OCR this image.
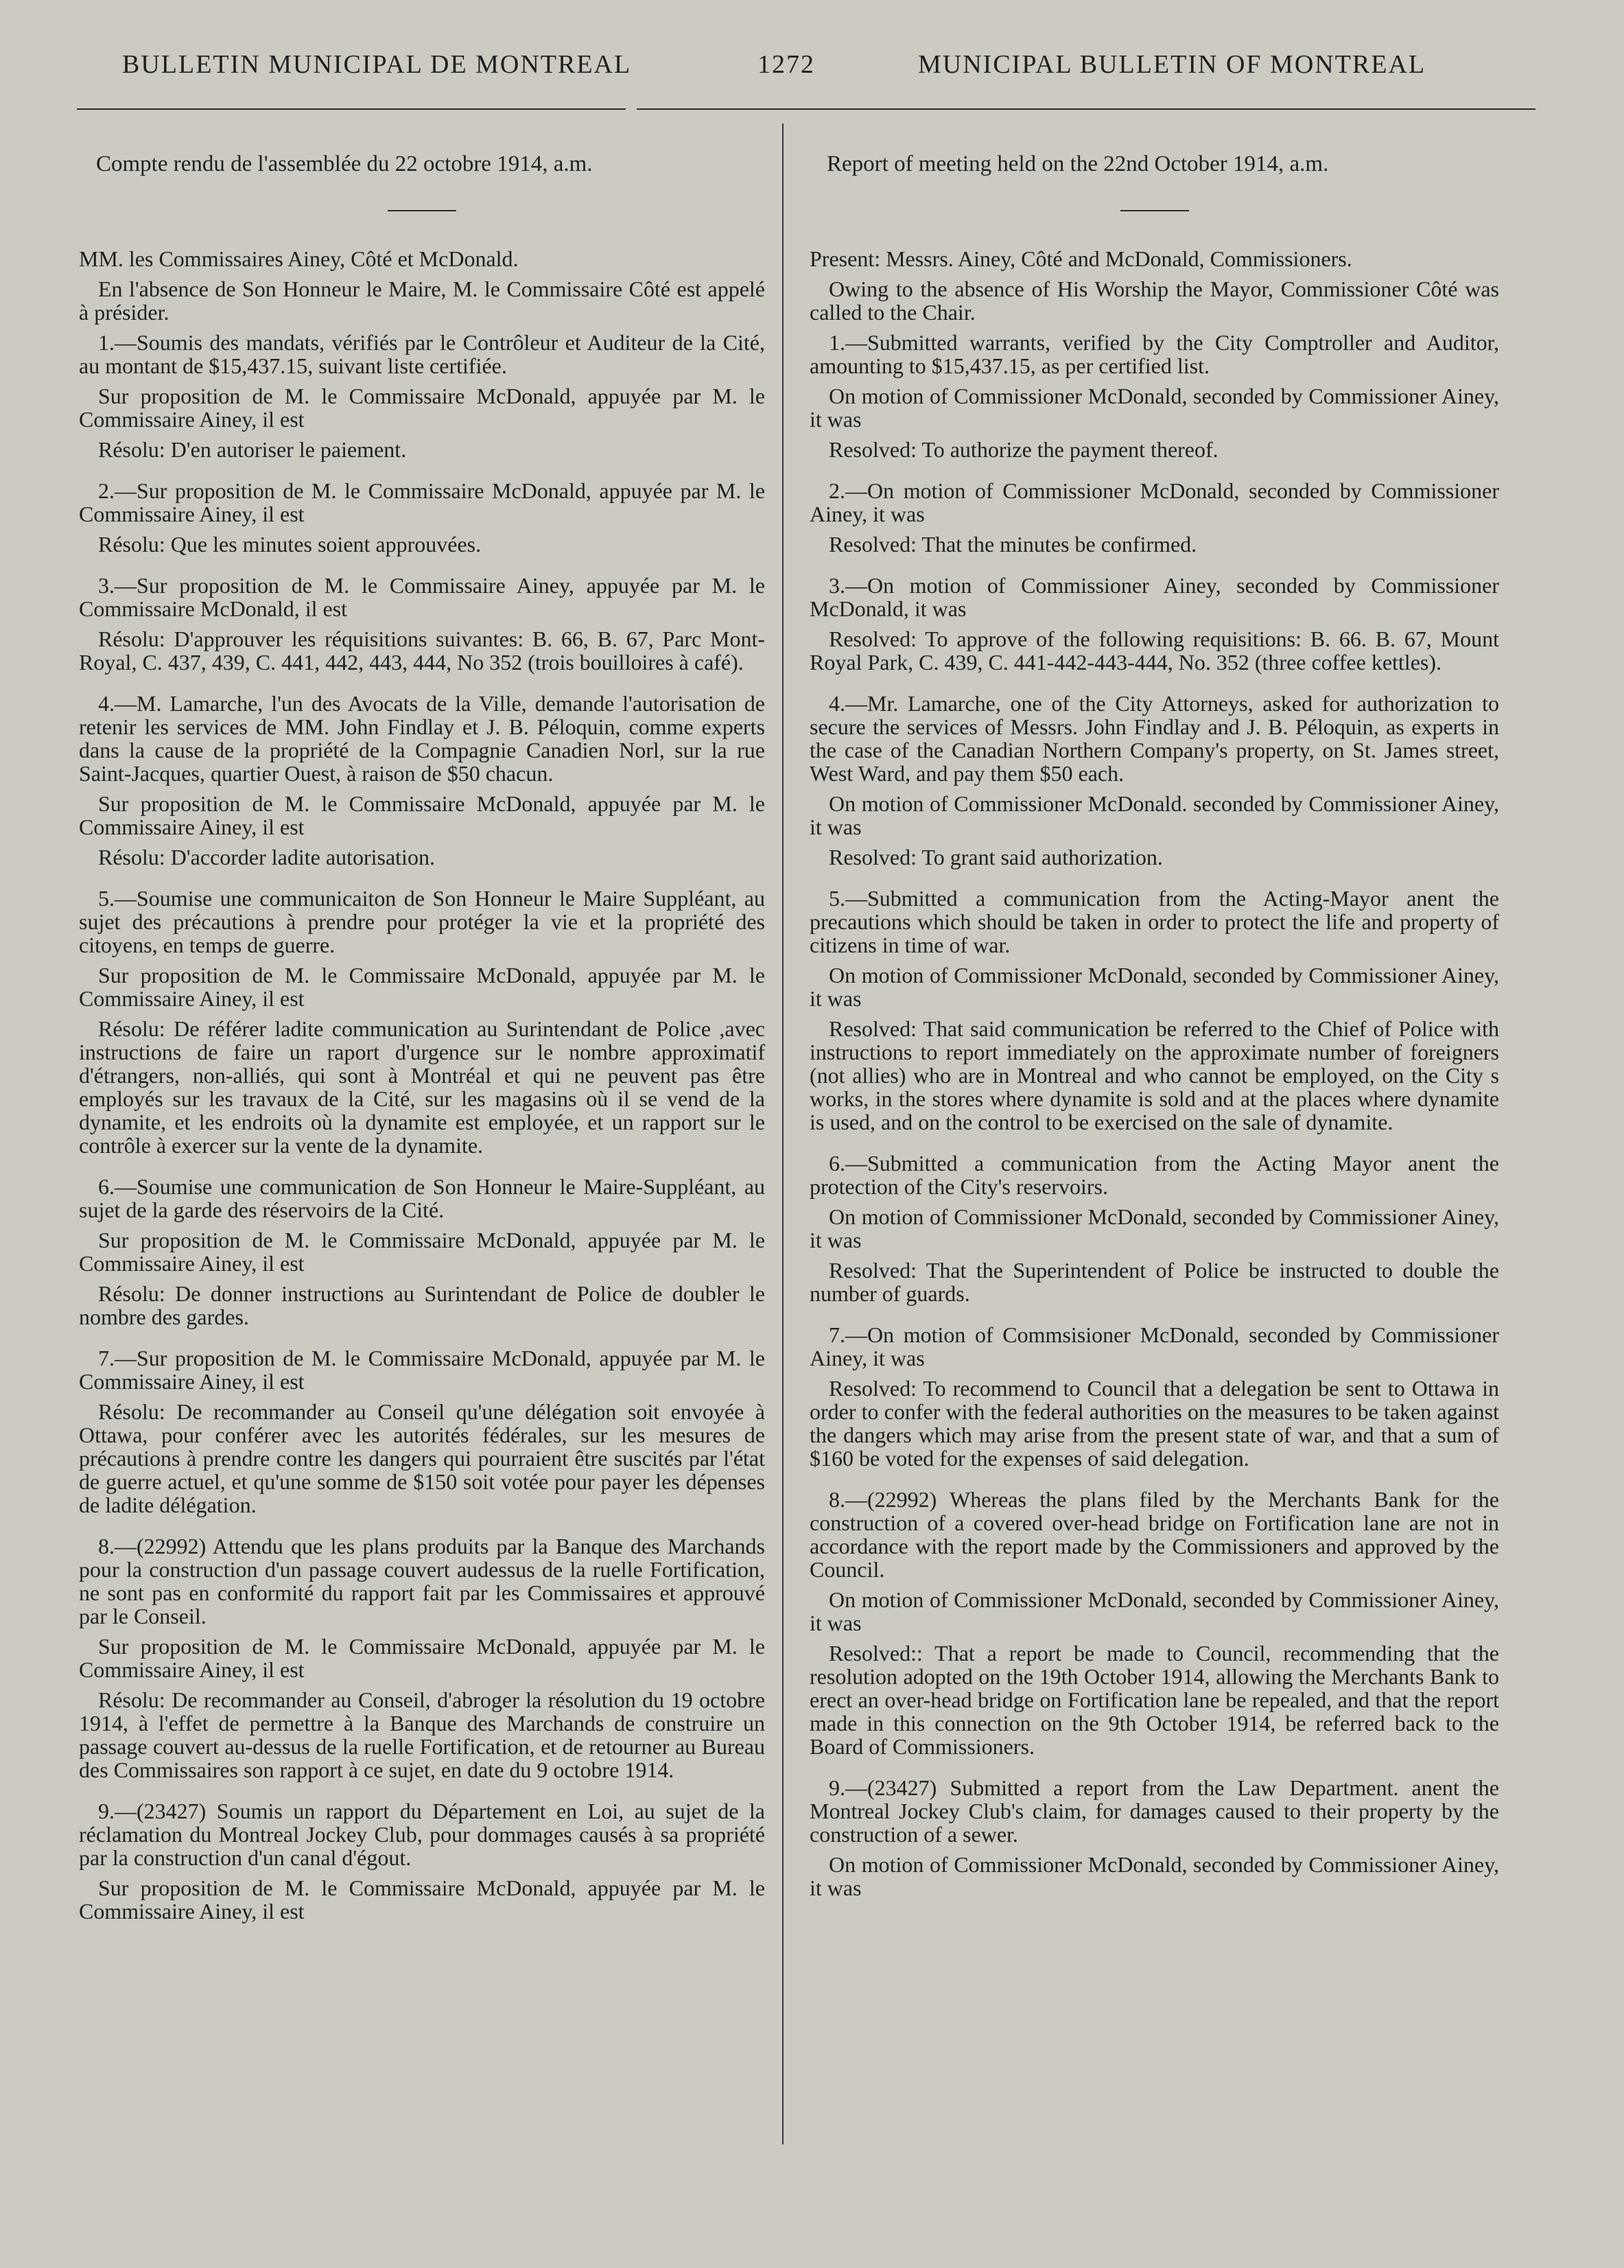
BULLETIN MUNICIPAL DE MONTREAL	1272	MUNICIPAL BULLETIN OF MONTREAL

Compte rendu de l'assemblée du 22 octobre 1914, a.m.

MM. les Commissaires Ainey, Côté et McDonald.

En l'absence de Son Honneur le Maire, M. le Commissaire Côté est appelé à présider.

1.—Soumis des mandats, vérifiés par le Contrôleur et Auditeur de la Cité, au montant de $15,437.15, suivant liste certifiée.

Sur proposition de M. le Commissaire McDonald, appuyée par M. le Commissaire Ainey, il est

Résolu: D'en autoriser le paiement.

2.—Sur proposition de M. le Commissaire McDonald, appuyée par M. le Commissaire Ainey, il est

Résolu: Que les minutes soient approuvées.

3.—Sur proposition de M. le Commissaire Ainey, appuyée par M. le Commissaire McDonald, il est

Résolu: D'approuver les réquisitions suivantes: B. 66, B. 67, Parc Mont-Royal, C. 437, 439, C. 441, 442, 443, 444, No 352 (trois bouilloires à café).

4.—M. Lamarche, l'un des Avocats de la Ville, demande l'autorisation de retenir les services de MM. John Findlay et J. B. Péloquin, comme experts dans la cause de la propriété de la Compagnie Canadien Norl, sur la rue Saint-Jacques, quartier Ouest, à raison de $50 chacun.

Sur proposition de M. le Commissaire McDonald, appuyée par M. le Commissaire Ainey, il est

Résolu: D'accorder ladite autorisation.

5.—Soumise une communicaiton de Son Honneur le Maire Suppléant, au sujet des précautions à prendre pour protéger la vie et la propriété des citoyens, en temps de guerre.

Sur proposition de M. le Commissaire McDonald, appuyée par M. le Commissaire Ainey, il est

Résolu: De référer ladite communication au Surintendant de Police ,avec instructions de faire un raport d'urgence sur le nombre approximatif d'étrangers, non-alliés, qui sont à Montréal et qui ne peuvent pas être employés sur les travaux de la Cité, sur les magasins où il se vend de la dynamite, et les endroits où la dynamite est employée, et un rapport sur le contrôle à exercer sur la vente de la dynamite.

6.—Soumise une communication de Son Honneur le Maire-Suppléant, au sujet de la garde des réservoirs de la Cité.

Sur proposition de M. le Commissaire McDonald, appuyée par M. le Commissaire Ainey, il est

Résolu: De donner instructions au Surintendant de Police de doubler le nombre des gardes.

7.—Sur proposition de M. le Commissaire McDonald, appuyée par M. le Commissaire Ainey, il est

Résolu: De recommander au Conseil qu'une délégation soit envoyée à Ottawa, pour conférer avec les autorités fédérales, sur les mesures de précautions à prendre contre les dangers qui pourraient être suscités par l'état de guerre actuel, et qu'une somme de $150 soit votée pour payer les dépenses de ladite délégation.

8.—(22992) Attendu que les plans produits par la Banque des Marchands pour la construction d'un passage couvert audessus de la ruelle Fortification, ne sont pas en conformité du rapport fait par les Commissaires et approuvé par le Conseil.

Sur proposition de M. le Commissaire McDonald, appuyée par M. le Commissaire Ainey, il est

Résolu: De recommander au Conseil, d'abroger la résolution du 19 octobre 1914, à l'effet de permettre à la Banque des Marchands de construire un passage couvert au-dessus de la ruelle Fortification, et de retourner au Bureau des Commissaires son rapport à ce sujet, en date du 9 octobre 1914.

9.—(23427) Soumis un rapport du Département en Loi, au sujet de la réclamation du Montreal Jockey Club, pour dommages causés à sa propriété par la construction d'un canal d'égout.

Sur proposition de M. le Commissaire McDonald, appuyée par M. le Commissaire Ainey, il est

Report of meeting held on the 22nd October 1914, a.m.

Present: Messrs. Ainey, Côté and McDonald, Commissioners.

Owing to the absence of His Worship the Mayor, Commissioner Côté was called to the Chair.

1.—Submitted warrants, verified by the City Comptroller and Auditor, amounting to $15,437.15, as per certified list.

On motion of Commissioner McDonald, seconded by Commissioner Ainey, it was

Resolved: To authorize the payment thereof.

2.—On motion of Commissioner McDonald, seconded by Commissioner Ainey, it was

Resolved: That the minutes be confirmed.

3.—On motion of Commissioner Ainey, seconded by Commissioner McDonald, it was

Resolved: To approve of the following requisitions: B. 66. B. 67, Mount Royal Park, C. 439, C. 441-442-443-444, No. 352 (three coffee kettles).

4.—Mr. Lamarche, one of the City Attorneys, asked for authorization to secure the services of Messrs. John Findlay and J. B. Péloquin, as experts in the case of the Canadian Northern Company's property, on St. James street, West Ward, and pay them $50 each.

On motion of Commissioner McDonald. seconded by Commissioner Ainey, it was

Resolved: To grant said authorization.

5.—Submitted a communication from the Acting-Mayor anent the precautions which should be taken in order to protect the life and property of citizens in time of war.

On motion of Commissioner McDonald, seconded by Commissioner Ainey, it was

Resolved: That said communication be referred to the Chief of Police with instructions to report immediately on the approximate number of foreigners (not allies) who are in Montreal and who cannot be employed, on the City s works, in the stores where dynamite is sold and at the places where dynamite is used, and on the control to be exercised on the sale of dynamite.

6.—Submitted a communication from the Acting Mayor anent the protection of the City's reservoirs.

On motion of Commissioner McDonald, seconded by Commissioner Ainey, it was

Resolved: That the Superintendent of Police be instructed to double the number of guards.

7.—On motion of Commsisioner McDonald, seconded by Commissioner Ainey, it was

Resolved: To recommend to Council that a delegation be sent to Ottawa in order to confer with the federal authorities on the measures to be taken against the dangers which may arise from the present state of war, and that a sum of $160 be voted for the expenses of said delegation.

8.—(22992) Whereas the plans filed by the Merchants Bank for the construction of a covered over-head bridge on Fortification lane are not in accordance with the report made by the Commissioners and approved by the Council.

On motion of Commissioner McDonald, seconded by Commissioner Ainey, it was

Resolved:: That a report be made to Council, recommending that the resolution adopted on the 19th October 1914, allowing the Merchants Bank to erect an over-head bridge on Fortification lane be repealed, and that the report made in this connection on the 9th October 1914, be referred back to the Board of Commissioners.

9.—(23427) Submitted a report from the Law Department. anent the Montreal Jockey Club's claim, for damages caused to their property by the construction of a sewer.

On motion of Commissioner McDonald, seconded by Commissioner Ainey, it was
